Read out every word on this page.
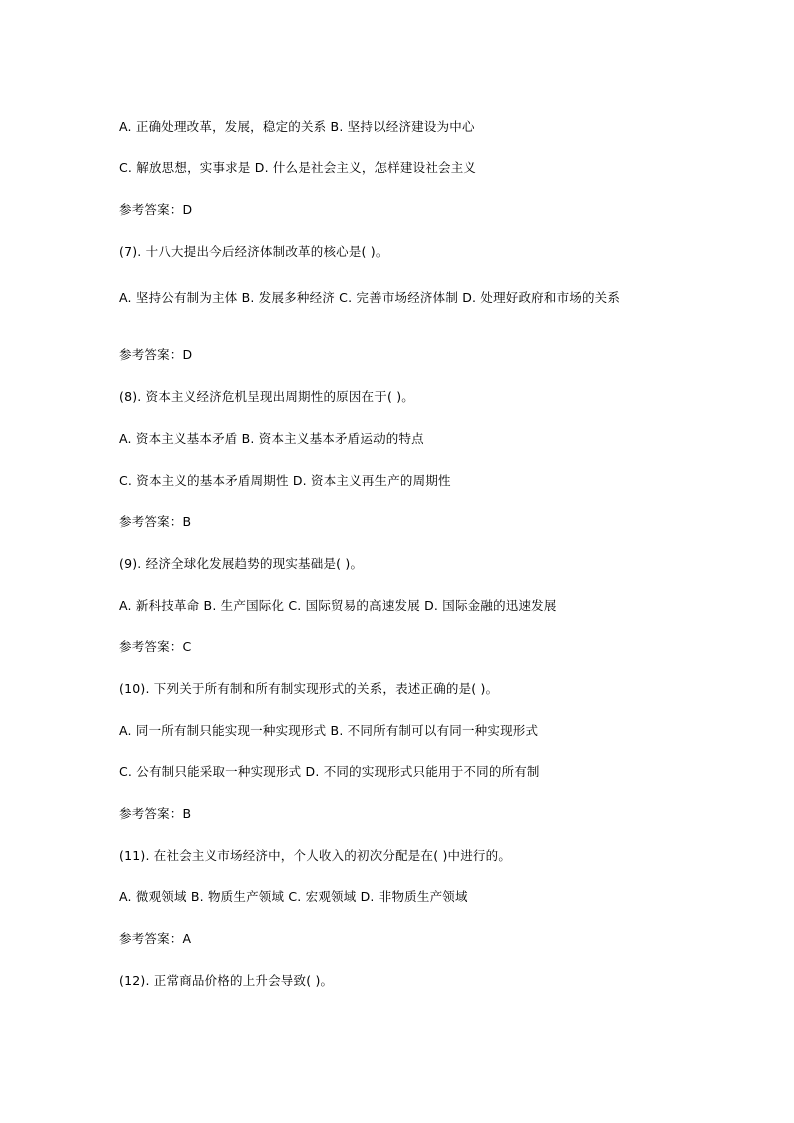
A. 正确处理改革，发展，稳定的关系 B. 坚持以经济建设为中心

C. 解放思想，实事求是 D. 什么是社会主义，怎样建设社会主义

参考答案：D

(7). 十八大提出今后经济体制改革的核心是( )。

A. 坚持公有制为主体 B. 发展多种经济 C. 完善市场经济体制 D. 处理好政府和市场的关系

参考答案：D

(8). 资本主义经济危机呈现出周期性的原因在于( )。

A. 资本主义基本矛盾 B. 资本主义基本矛盾运动的特点

C. 资本主义的基本矛盾周期性 D. 资本主义再生产的周期性

参考答案：B

(9). 经济全球化发展趋势的现实基础是( )。

A. 新科技革命 B. 生产国际化 C. 国际贸易的高速发展 D. 国际金融的迅速发展

参考答案：C

(10). 下列关于所有制和所有制实现形式的关系，表述正确的是( )。

A. 同一所有制只能实现一种实现形式 B. 不同所有制可以有同一种实现形式

C. 公有制只能采取一种实现形式 D. 不同的实现形式只能用于不同的所有制

参考答案：B

(11). 在社会主义市场经济中，个人收入的初次分配是在( )中进行的。

A. 微观领域 B. 物质生产领域 C. 宏观领域 D. 非物质生产领域

参考答案：A

(12). 正常商品价格的上升会导致( )。
